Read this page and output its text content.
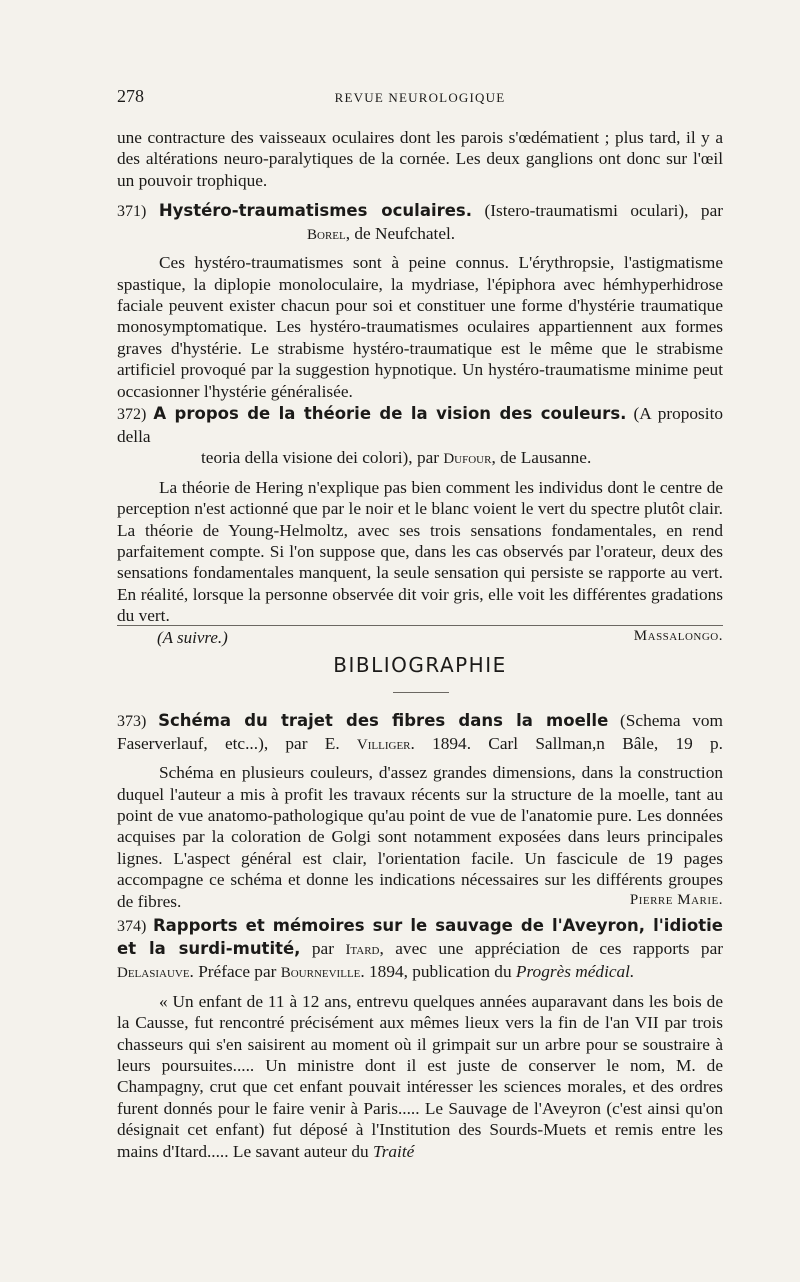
278	REVUE NEUROLOGIQUE

une contracture des vaisseaux oculaires dont les parois s'œdématient ; plus tard, il y a des altérations neuro-paralytiques de la cornée. Les deux ganglions ont donc sur l'œil un pouvoir trophique.

371) Hystéro-traumatismes oculaires. (Istero-traumatismi oculari), par
Borel, de Neufchatel.

Ces hystéro-traumatismes sont à peine connus. L'érythropsie, l'astigmatisme spastique, la diplopie monoloculaire, la mydriase, l'épiphora avec hémhyperhidrose faciale peuvent exister chacun pour soi et constituer une forme d'hystérie traumatique monosymptomatique. Les hystéro-traumatismes oculaires appartiennent aux formes graves d'hystérie. Le strabisme hystéro-traumatique est le même que le strabisme artificiel provoqué par la suggestion hypnotique. Un hystéro-traumatisme minime peut occasionner l'hystérie généralisée.

372) A propos de la théorie de la vision des couleurs. (A proposito della
teoria della visione dei colori), par Dufour, de Lausanne.

La théorie de Hering n'explique pas bien comment les individus dont le centre de perception n'est actionné que par le noir et le blanc voient le vert du spectre plutôt clair. La théorie de Young-Helmoltz, avec ses trois sensations fondamentales, en rend parfaitement compte. Si l'on suppose que, dans les cas observés par l'orateur, deux des sensations fondamentales manquent, la seule sensation qui persiste se rapporte au vert. En réalité, lorsque la personne observée dit voir gris, elle voit les différentes gradations du vert.

(A suivre.)	Massalongo.
BIBLIOGRAPHIE
373) Schéma du trajet des fibres dans la moelle (Schema vom Faserverlauf, etc...), par E. Villiger. 1894. Carl Sallman,n Bâle, 19 p.

Schéma en plusieurs couleurs, d'assez grandes dimensions, dans la construction duquel l'auteur a mis à profit les travaux récents sur la structure de la moelle, tant au point de vue anatomo-pathologique qu'au point de vue de l'anatomie pure. Les données acquises par la coloration de Golgi sont notamment exposées dans leurs principales lignes. L'aspect général est clair, l'orientation facile. Un fascicule de 19 pages accompagne ce schéma et donne les indications nécessaires sur les différents groupes de fibres.	Pierre Marie.
374) Rapports et mémoires sur le sauvage de l'Aveyron, l'idiotie et la surdi-mutité, par Itard, avec une appréciation de ces rapports par Delasiauve. Préface par Bourneville. 1894, publication du Progrès médical.

« Un enfant de 11 à 12 ans, entrevu quelques années auparavant dans les bois de la Causse, fut rencontré précisément aux mêmes lieux vers la fin de l'an VII par trois chasseurs qui s'en saisirent au moment où il grimpait sur un arbre pour se soustraire à leurs poursuites..... Un ministre dont il est juste de conserver le nom, M. de Champagny, crut que cet enfant pouvait intéresser les sciences morales, et des ordres furent donnés pour le faire venir à Paris..... Le Sauvage de l'Aveyron (c'est ainsi qu'on désignait cet enfant) fut déposé à l'Institution des Sourds-Muets et remis entre les mains d'Itard..... Le savant auteur du Traité
